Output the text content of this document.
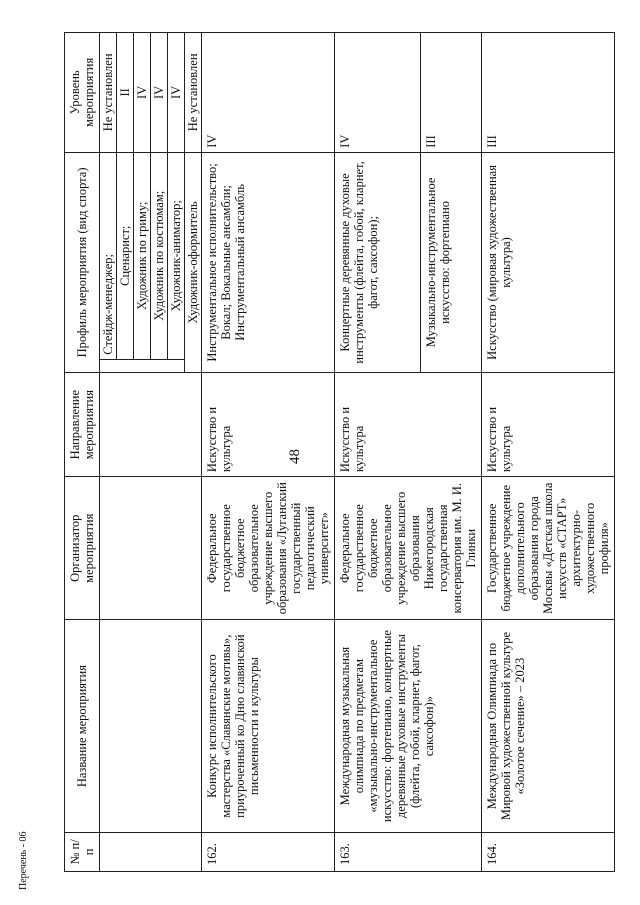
48
Перечень - 06	№ п/п	Название мероприятия	Организатор мероприятия	Направление мероприятия	Профиль мероприятия (вид спорта)		Уровень мероприятия
					Стейдж-менеджер;	Не установлен
					Сценарист;	II
					Художник по гриму;	IV
					Художник по костюмам;	IV
					Художник-аниматор;	IV
				Художник-оформитель		Не установлен
162.	Конкурс исполнительского мастерства «Славянские мотивы», приуроченный ко Дню славянской письменности и культуры	Федеральное государственное бюджетное образовательное учреждение высшего образования «Луганский государственный педагогический университет»	Искусство и культура	Инструментальное исполнительство; Вокал; Вокальные ансамбли; Инструментальный ансамбль		IV
163.	Международная музыкальная олимпиада по предметам «музыкально-инструментальное искусство: фортепиано, концертные деревянные духовые инструменты (флейта, гобой, кларнет, фагот, саксофон)»	Федеральное государственное бюджетное образовательное учреждение высшего образования Нижегородская государственная консерватория им. М. И. Глинки	Искусство и культура	Концертные деревянные духовые инструменты (флейта, гобой, кларнет, фагот, саксофон);		IV
				Музыкально-инструментальное искусство: фортепиано		III
164.	Международная Олимпиада по Мировой художественной культуре «Золотое сечение» – 2023	Государственное бюджетное учреждение дополнительного образования города Москвы «Детская школа искусств «СТАРТ» архитектурно-художественного профиля»	Искусство и культура	Искусство (мировая художественная культура)		III
